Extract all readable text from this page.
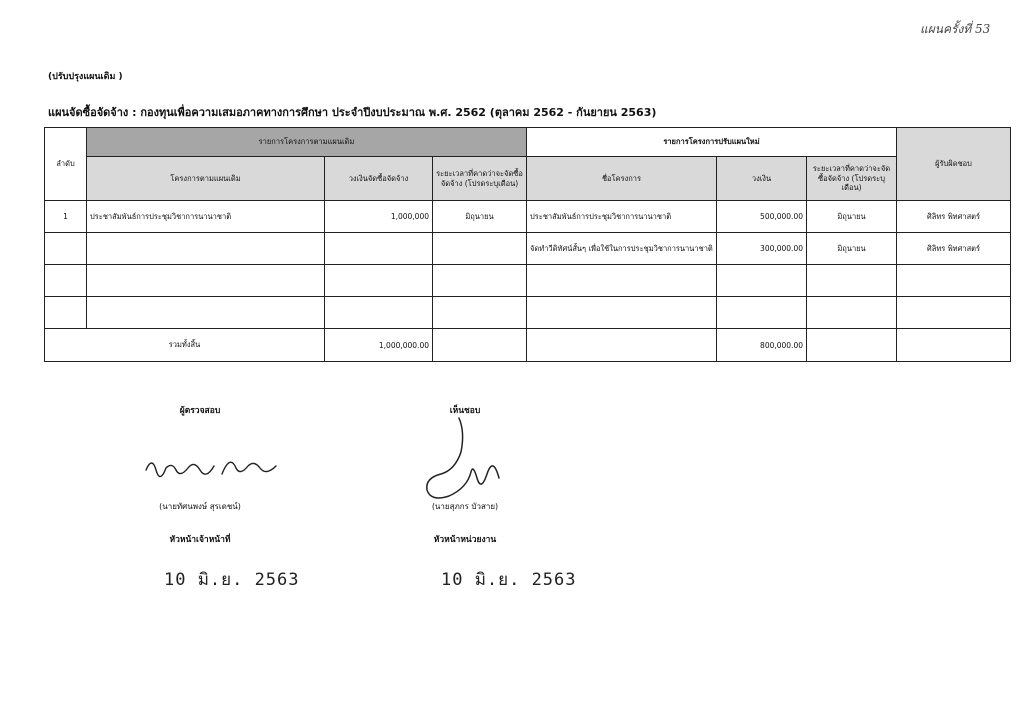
แผนครั้งที่ 53
(ปรับปรุงแผนเดิม )
แผนจัดซื้อจัดจ้าง : กองทุนเพื่อความเสมอภาคทางการศึกษา ประจำปีงบประมาณ พ.ศ. 2562 (ตุลาคม 2562 - กันยายน 2563)
ลำดับ	รายการโครงการตามแผนเดิม			รายการโครงการปรับแผนใหม่			ผู้รับผิดชอบ
	โครงการตามแผนเดิม	วงเงินจัดซื้อจัดจ้าง	ระยะเวลาที่คาดว่าจะจัดซื้อจัดจ้าง (โปรดระบุเดือน)	ชื่อโครงการ	วงเงิน	ระยะเวลาที่คาดว่าจะจัดซื้อจัดจ้าง (โปรดระบุเดือน)	
1	ประชาสัมพันธ์การประชุมวิชาการนานาชาติ	1,000,000	มิถุนายน	ประชาสัมพันธ์การประชุมวิชาการนานาชาติ	500,000.00	มิถุนายน	ศิลิทร พิทศาสตร์
				จัดทำวีดิทัศน์สั้นๆ เพื่อใช้ในการประชุมวิชาการนานาชาติ	300,000.00	มิถุนายน	ศิลิทร พิทศาสตร์

รวมทั้งสิ้น		1,000,000.00			800,000.00		
ผู้ตรวจสอบ
(นายทัศนพงษ์ สุรเดชน์)
หัวหน้าเจ้าหน้าที่
10 มิ.ย. 2563
เห็นชอบ
(นายสุภกร บัวสาย)
หัวหน้าหน่วยงาน
10 มิ.ย. 2563
